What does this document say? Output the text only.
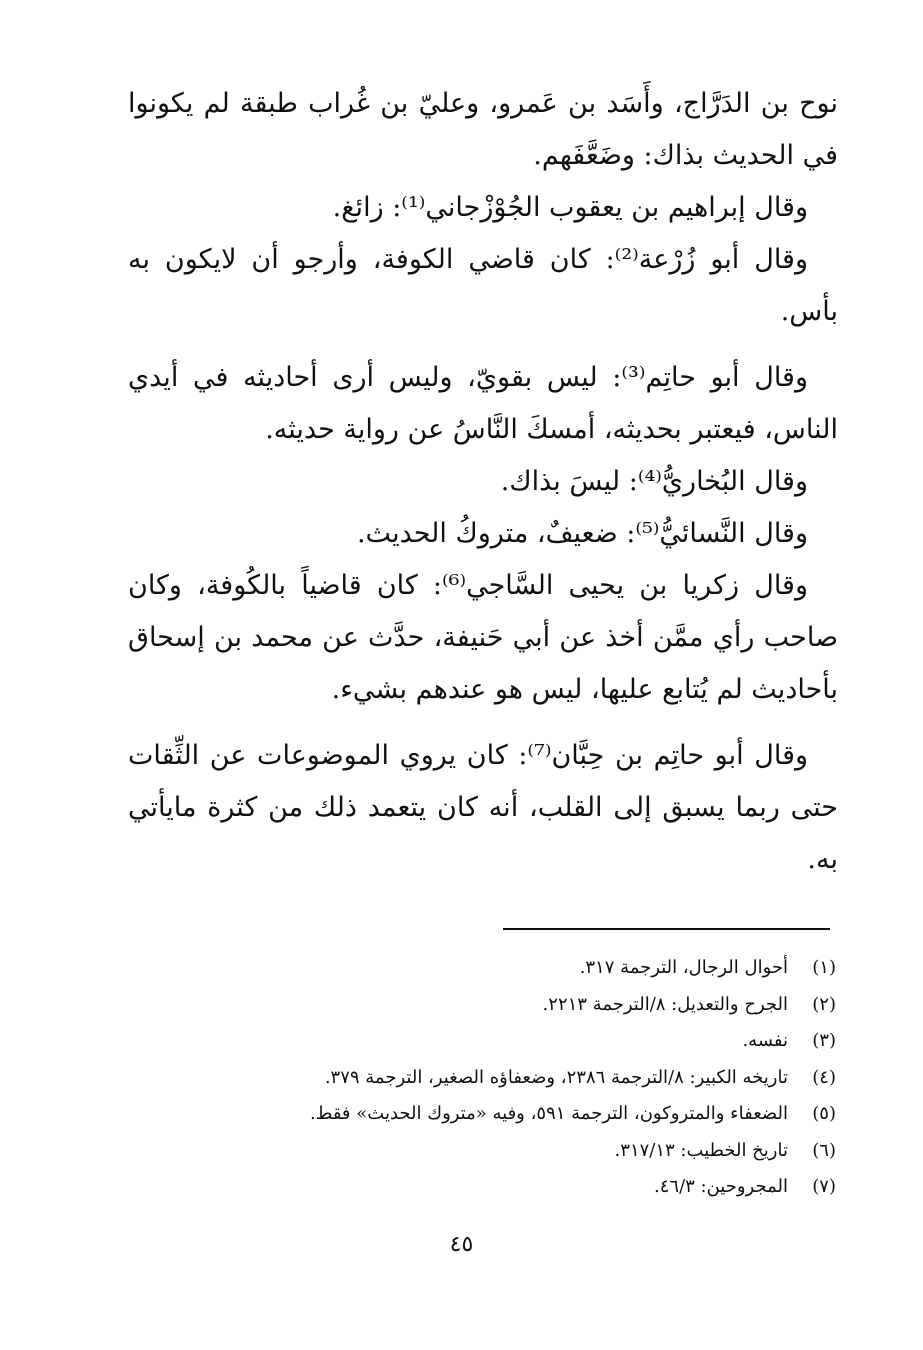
نوح بن الدَرَّاج، وأَسَد بن عَمرو، وعليّ بن غُراب طبقة لم يكونوا في الحديث بذاك: وضَعَّفَهم.

وقال إبراهيم بن يعقوب الجُوْزْجاني⁽¹⁾: زائغ.

وقال أبو زُرْعة⁽²⁾: كان قاضي الكوفة، وأرجو أن لايكون به بأس.

وقال أبو حاتِم⁽³⁾: ليس بقويّ، وليس أرى أحاديثه في أيدي الناس، فيعتبر بحديثه، أمسكَ النَّاسُ عن رواية حديثه.

وقال البُخاريُّ⁽⁴⁾: ليسَ بذاك.

وقال النَّسائيُّ⁽⁵⁾: ضعيفٌ، متروكُ الحديث.

وقال زكريا بن يحيى السَّاجي⁽⁶⁾: كان قاضياً بالكُوفة، وكان صاحب رأي ممَّن أخذ عن أبي حَنيفة، حدَّث عن محمد بن إسحاق بأحاديث لم يُتابع عليها، ليس هو عندهم بشيء.

وقال أبو حاتِم بن حِبَّان⁽⁷⁾: كان يروي الموضوعات عن الثِّقات حتى ربما يسبق إلى القلب، أنه كان يتعمد ذلك من كثرة مايأتي به.

(١)
أحوال الرجال، الترجمة ٣١٧.
(٢)
الجرح والتعديل: ٨/الترجمة ٢٢١٣.
(٣)
نفسه.
(٤)
تاريخه الكبير: ٨/الترجمة ٢٣٨٦، وضعفاؤه الصغير، الترجمة ٣٧٩.
(٥)
الضعفاء والمتروكون، الترجمة ٥٩١، وفيه «متروك الحديث» فقط.
(٦)
تاريخ الخطيب: ٣١٧/١٣.
(٧)
المجروحين: ٤٦/٣.
٤٥
